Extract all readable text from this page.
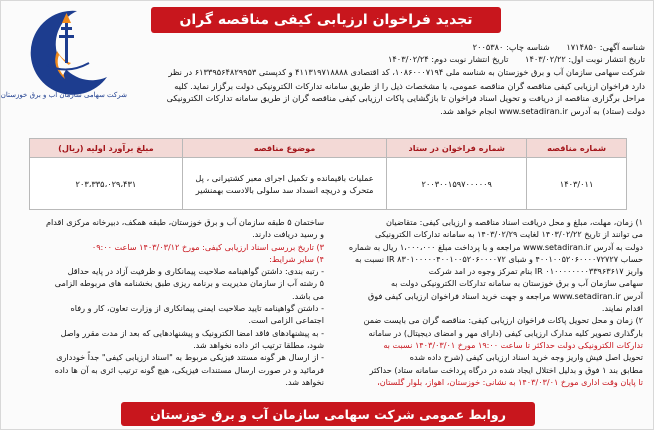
شرکت سهامی سازمان آب و برق خوزستان
تجدید فراخوان ارزیابی کیفی مناقصه گران
شناسه آگهی: ۱۷۱۴۸۵۰ شناسه چاپ: ۲۰۰۵۳۸۰
تاریخ انتشار نوبت اول: ۱۴۰۳/۰۲/۲۲ تاریخ انتشار نوبت دوم: ۱۴۰۳/۰۲/۲۴
شرکت سهامی سازمان آب و برق خوزستان به شناسه ملی ۱۰۸۶۰۰۰۷۱۹۴، کد اقتصادی ۴۱۱۳۱۹۷۱۸۸۸۸ و کدپستی ۶۱۳۳۹۵۶۴۸۲۹۹۵۳ در نظر
دارد فراخوان ارزیابی کیفی مناقصه گران مناقصه عمومی، با مشخصات ذیل را از طریق سامانه تدارکات الکترونیکی دولت برگزار نماید. کلیه
مراحل برگزاری مناقصه از دریافت و تحویل اسناد فراخوان تا بازگشایی پاکات ارزیابی کیفی مناقصه گران از طریق سامانه تدارکات الکترونیکی
دولت (ستاد) به آدرس www.setadiran.ir انجام خواهد شد.
شماره مناقصه	شماره فراخوان در ستاد	موضوع مناقصه	مبلغ برآورد اولیه (ریال)
۱۴۰۳/۰۱۱	۲۰۰۳۰۰۱۵۹۷۰۰۰۰۰۹	عملیات باقیمانده و تکمیل اجرای معبر کشتیرانی ، پل متحرک و دریچه انسداد سد سلولی بالادست بهمنشیر	۲۰۳،۳۳۵،۰۲۹،۴۳۱
۱) زمان، مهلت، مبلغ و محل دریافت اسناد مناقصه و ارزیابی کیفی: متقاضیان
می توانند از تاریخ ۱۴۰۳/۰۲/۲۲ لغایت ۱۴۰۳/۰۲/۲۹ به سامانه تدارکات الکترونیکی
دولت به آدرس www.setadiran.ir مراجعه و با پرداخت مبلغ ۱،۰۰۰،۰۰۰ ریال به شماره
حساب ۴۰۰۱۰۰۵۲۰۶۰۰۰۰۷۲۷۲۷ و شبای IR ۸۳۰۱۰۰۰۰۰۴۰۰۱۰۰۵۲۰۶۰۰۰۰۷۲ نسبت به
واریز IR ۰۱۰۰۰۰۰۰۰۰۳۳۹۶۳۶۱۷ بنام تمرکز وجوه در امد شرکت
سهامی سازمان آب و برق خوزستان به سامانه تدارکات الکترونیکی دولت به
آدرس www.setadiran.ir مراجعه و جهت خرید اسناد فراخوان ارزیابی کیفی فوق
اقدام نمایند.
۲) زمان و محل تحویل پاکات فراخوان ارزیابی کیفی: مناقصه گران می بایست ضمن
بارگذاری تصویر کلیه مدارک ارزیابی کیفی (دارای مهر و امضای دیجیتال) در سامانه
تدارکات الکترونیکی دولت حداکثر تا ساعت ۱۹:۰۰ مورخ ۱۴۰۳/۰۳/۰۱ نسبت به
تحویل اصل فیش واریز وجه خرید اسناد ارزیابی کیفی (شرح داده شده
مطابق بند ۱ فوق و بدلیل اختلال ایجاد شده در درگاه پرداخت سامانه ستاد) حداکثر
تا پایان وقت اداری مورخ ۱۴۰۳/۰۳/۰۱ به نشانی: خوزستان، اهواز، بلوار گلستان،
ساختمان ۵ طبقه سازمان آب و برق خوزستان، طبقه همکف، دبیرخانه مرکزی اقدام
و رسید دریافت دارند.
۳) تاریخ بررسی اسناد ارزیابی کیفی: مورخ ۱۴۰۳/۰۳/۱۲ ساعت ۰۹:۰۰
۴) سایر شرایط:
- رتبه بندی: داشتن گواهینامه صلاحیت پیمانکاری و ظرفیت آزاد در پایه حداقل
۵ رشته آب از سازمان مدیریت و برنامه ریزی طبق بخشنامه های مربوطه الزامی
می باشد.
- داشتن گواهینامه تایید صلاحیت ایمنی پیمانکاری از وزارت تعاون، کار و رفاه
اجتماعی الزامی است.
- به پیشنهادهای فاقد امضا الکترونیک و پیشنهادهایی که بعد از مدت مقرر واصل
شود، مطلقا ترتیب اثر داده نخواهد شد.
- از ارسال هر گونه مستند فیزیکی مربوط به "اسناد ارزیابی کیفی" جداً خودداری
فرمائید و در صورت ارسال مستندات فیزیکی، هیچ گونه ترتیب اثری به آن ها داده
نخواهد شد.
روابط عمومی شرکت سهامی سازمان آب و برق خوزستان
